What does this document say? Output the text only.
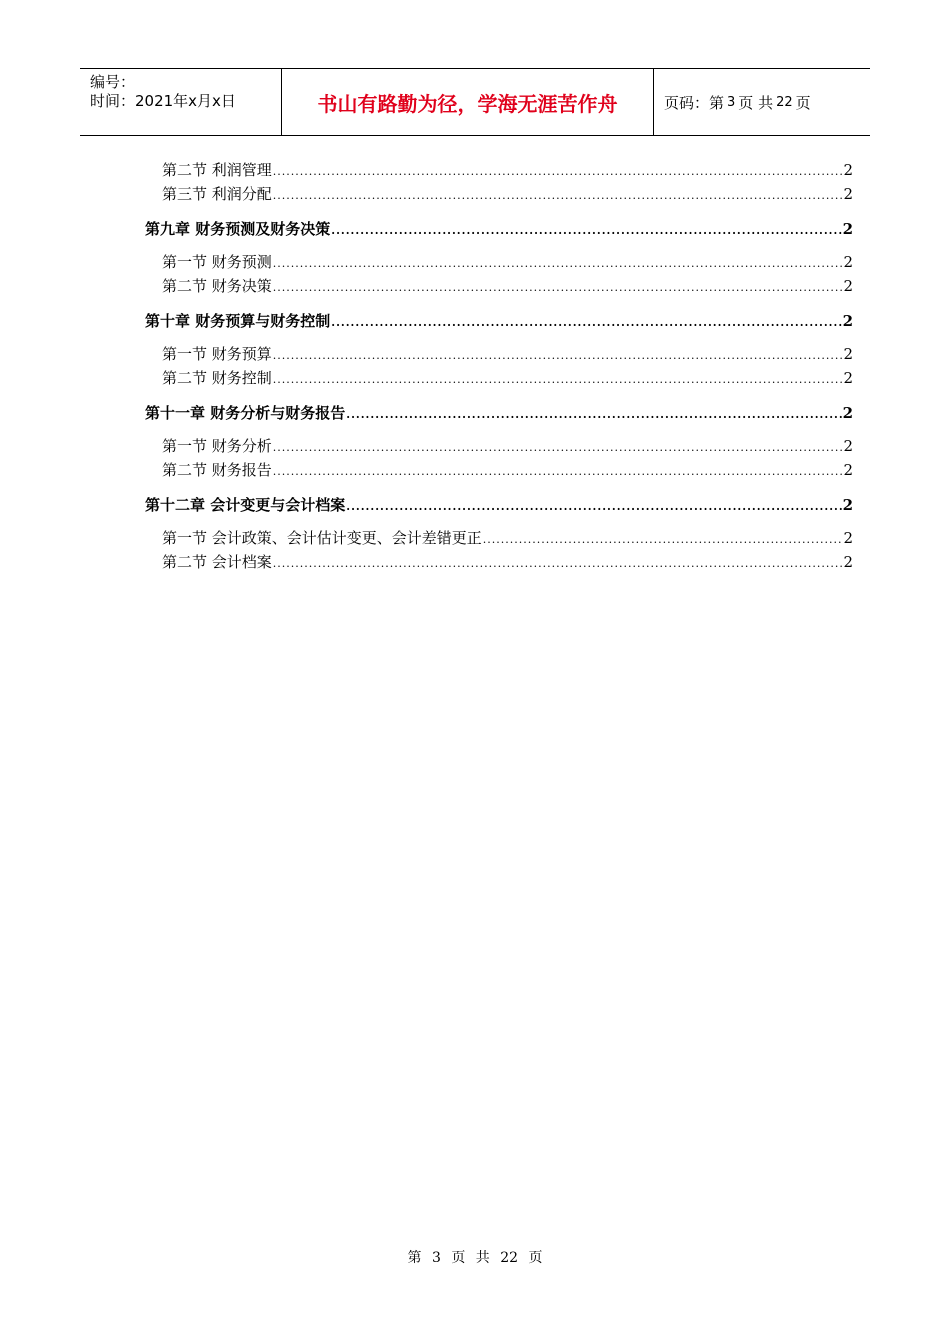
编号：
时间：2021年x月x日	书山有路勤为径，学海无涯苦作舟	页码：第 3 页 共 22 页
第二节 利润管理 .....	2
第三节 利润分配 .....	2
第九章 财务预测及财务决策 .....	2
第一节 财务预测 .....	2
第二节 财务决策 .....	2
第十章 财务预算与财务控制 .....	2
第一节 财务预算 .....	2
第二节 财务控制 .....	2
第十一章 财务分析与财务报告 .....	2
第一节 财务分析 .....	2
第二节 财务报告 .....	2
第十二章 会计变更与会计档案 .....	2
第一节 会计政策、会计估计变更、会计差错更正 .....	2
第二节 会计档案 .....	2
第 3 页 共 22 页
